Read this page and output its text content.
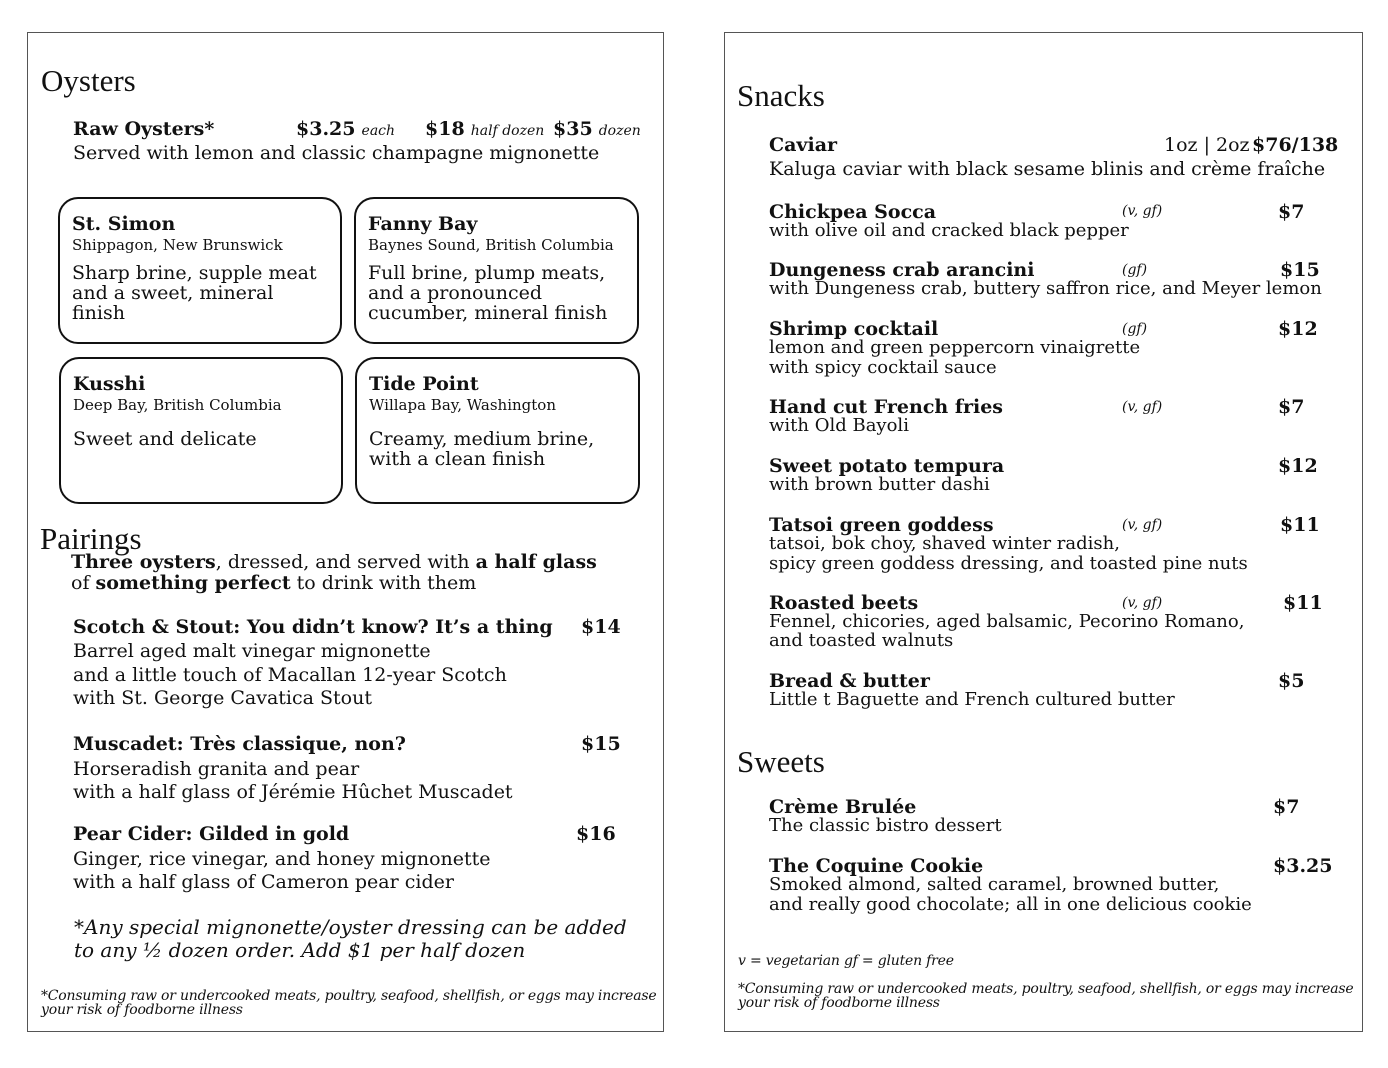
Oysters
Raw Oysters*	$3.25 each $18 half dozen $35 dozen
Served with lemon and classic champagne mignonette
St. Simon
Shippagon, New Brunswick
Sharp brine, supple meat and a sweet, mineral finish
Fanny Bay
Baynes Sound, British Columbia
Full brine, plump meats, and a pronounced cucumber, mineral finish
Kusshi
Deep Bay, British Columbia
Sweet and delicate
Tide Point
Willapa Bay, Washington
Creamy, medium brine, with a clean finish
Pairings
Three oysters, dressed, and served with a half glass
of something perfect to drink with them
Scotch & Stout: You didn’t know? It’s a thing $14
Barrel aged malt vinegar mignonette
and a little touch of Macallan 12-year Scotch
with St. George Cavatica Stout
Muscadet: Très classique, non?	$15
Horseradish granita and pear
with a half glass of Jérémie Hûchet Muscadet
Pear Cider: Gilded in gold	$16
Ginger, rice vinegar, and honey mignonette
with a half glass of Cameron pear cider
*Any special mignonette/oyster dressing can be added
to any ½ dozen order. Add $1 per half dozen
*Consuming raw or undercooked meats, poultry, seafood, shellfish, or eggs may increase
your risk of foodborne illness
Snacks
Caviar	1oz | 2oz $76/138
Kaluga caviar with black sesame blinis and crème fraîche
Chickpea Socca	(v, gf)	$7
with olive oil and cracked black pepper
Dungeness crab arancini	(gf)	$15
with Dungeness crab, buttery saffron rice, and Meyer lemon
Shrimp cocktail	(gf)	$12
lemon and green peppercorn vinaigrette
with spicy cocktail sauce
Hand cut French fries	(v, gf)	$7
with Old Bayoli
Sweet potato tempura	$12
with brown butter dashi
Tatsoi green goddess	(v, gf)	$11
tatsoi, bok choy, shaved winter radish,
spicy green goddess dressing, and toasted pine nuts
Roasted beets	(v, gf)	$11
Fennel, chicories, aged balsamic, Pecorino Romano,
and toasted walnuts
Bread & butter	$5
Little t Baguette and French cultured butter
Sweets
Crème Brulée	$7
The classic bistro dessert
The Coquine Cookie	$3.25
Smoked almond, salted caramel, browned butter,
and really good chocolate; all in one delicious cookie
v = vegetarian gf = gluten free
*Consuming raw or undercooked meats, poultry, seafood, shellfish, or eggs may increase
your risk of foodborne illness
